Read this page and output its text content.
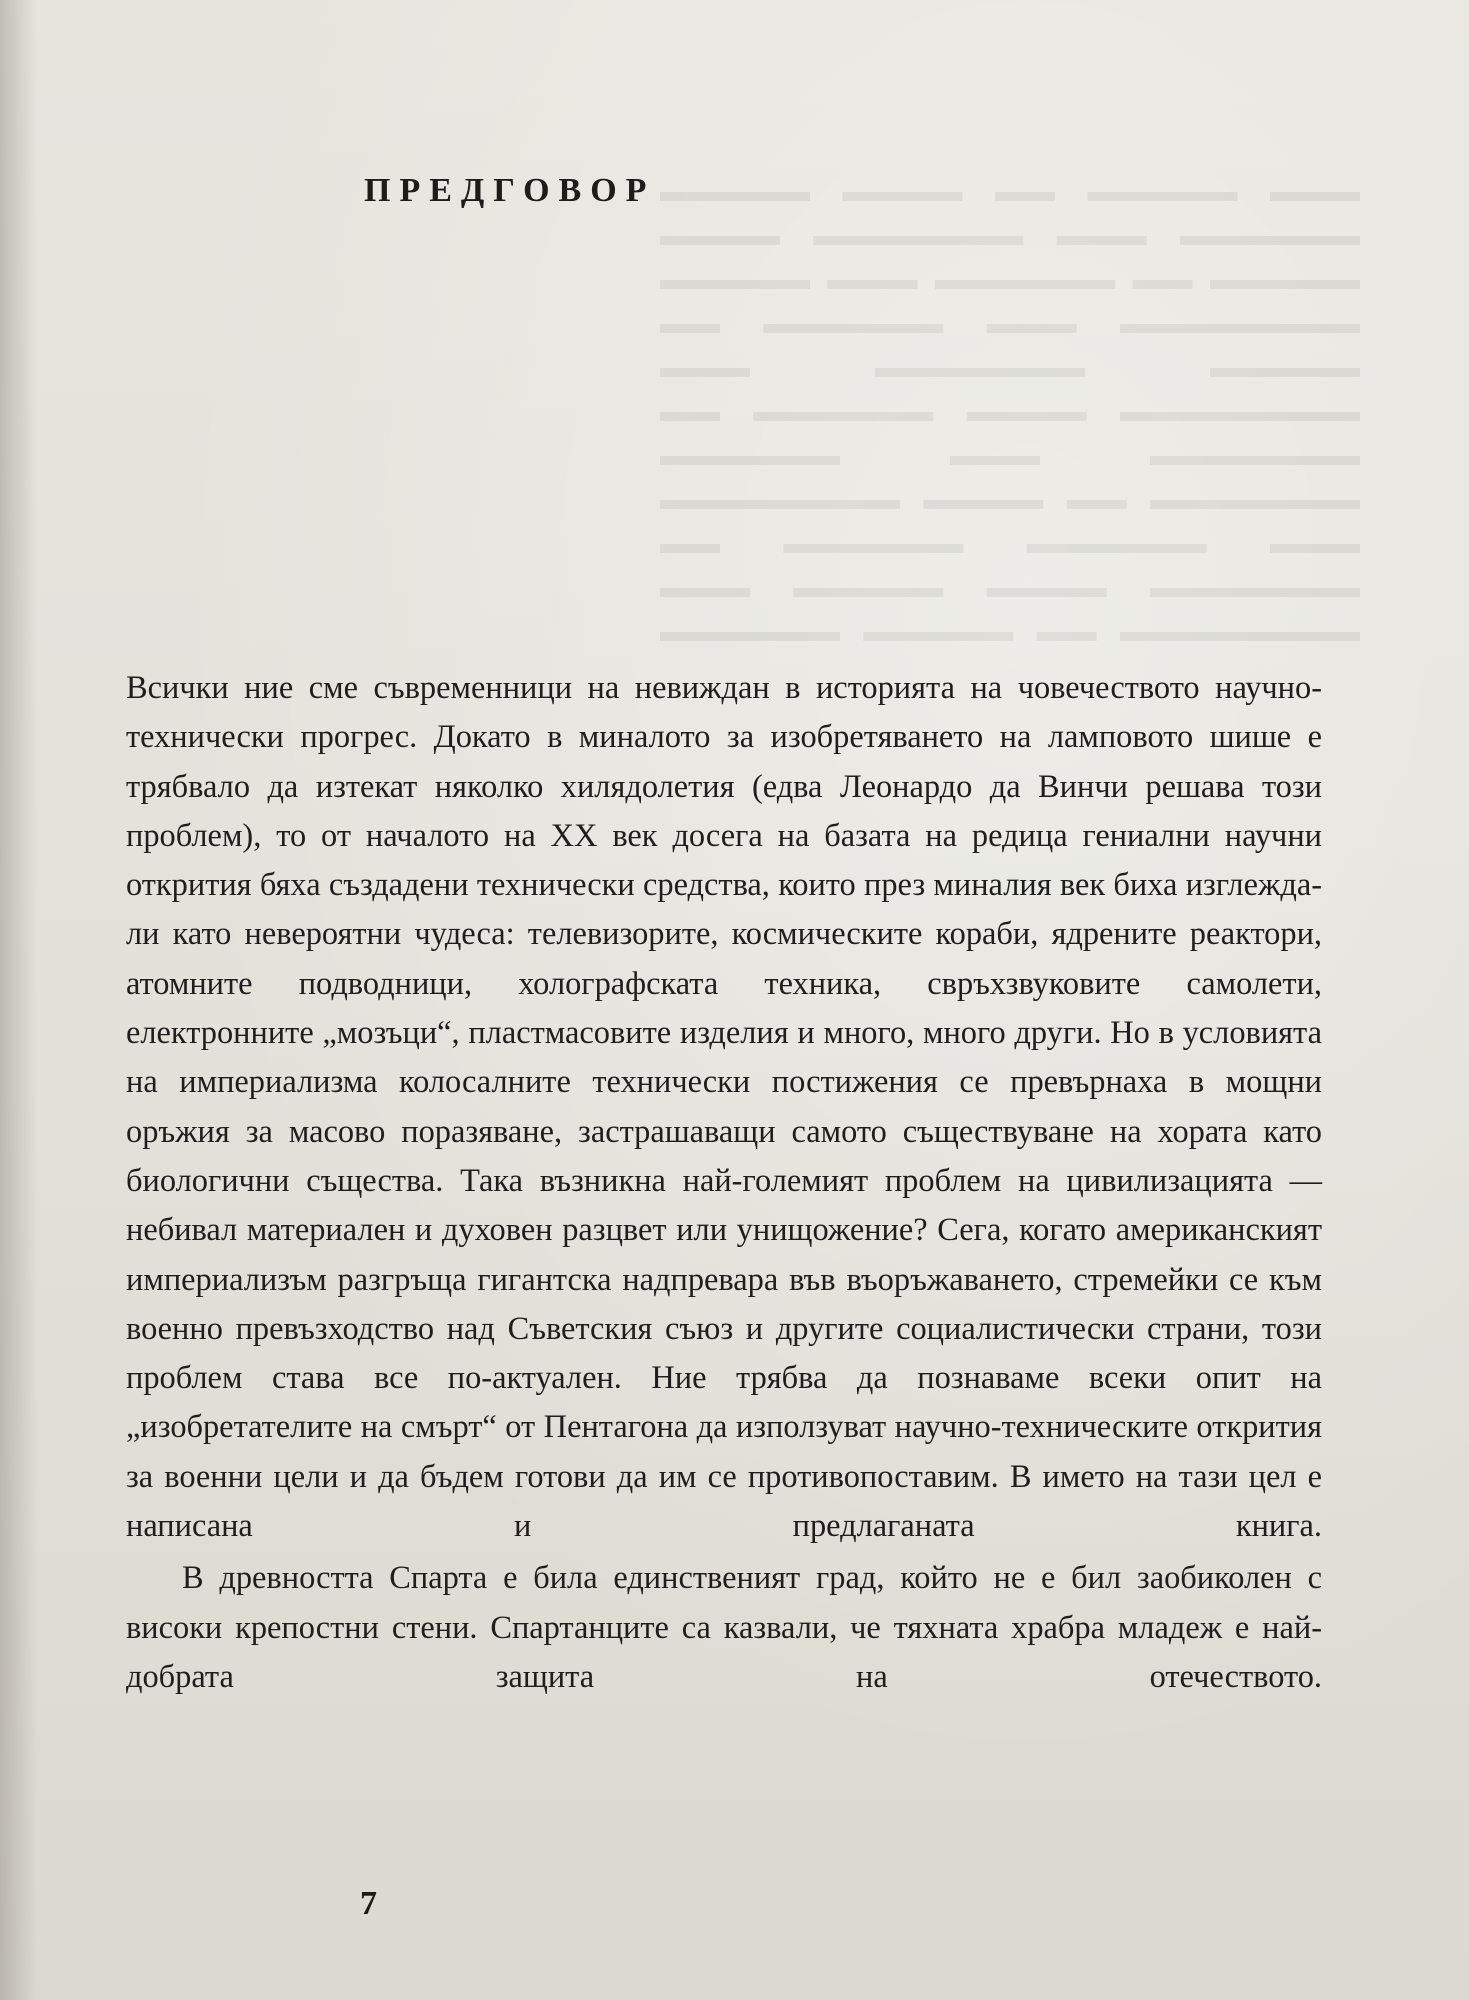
▬▬▬ ▬▬▬▬▬ ▬▬ ▬▬▬▬ ▬▬▬▬▬ ▬▬▬▬▬▬ ▬▬▬ ▬▬▬▬▬▬▬ ▬▬▬▬ ▬▬▬▬▬ ▬▬ ▬▬▬▬▬▬ ▬▬▬ ▬▬▬▬▬ ▬▬▬▬▬▬▬▬ ▬▬▬ ▬▬▬▬▬▬ ▬▬ ▬▬▬▬▬ ▬▬▬▬▬▬▬ ▬▬▬ ▬▬▬▬▬▬▬▬ ▬▬▬▬ ▬▬▬▬▬▬ ▬▬ ▬▬▬▬▬▬▬ ▬▬▬ ▬▬▬▬▬▬ ▬▬▬▬▬▬▬ ▬▬ ▬▬▬▬ ▬▬▬▬▬▬▬▬ ▬▬▬ ▬▬▬▬▬▬ ▬▬▬▬▬▬ ▬▬ ▬▬▬▬▬▬▬ ▬▬▬▬ ▬▬▬▬▬ ▬▬▬ ▬▬▬▬▬▬▬▬ ▬▬ ▬▬▬▬▬ ▬▬▬▬▬▬
ПРЕДГОВОР

Всички ние сме съвременници на невиждан в историята на човечеството научно-технически прогрес. Докато в миналото за изобретяването на ламповото шише е трябвало да изтекат няколко хилядолетия (едва Леонардо да Винчи решава този проблем), то от началото на XX век досега на базата на редица гениални научни открития бяха създадени технически средства, които през миналия век биха изглеждали като невероятни чудеса: телевизорите, космическите кораби, ядрените реактори, атомните подводници, холографската техника, свръхзвуковите самолети, електронните „мозъци“, пластмасовите изделия и много, много други. Но в условията на империализма колосалните технически постижения се превърнаха в мощни оръжия за масово поразяване, застрашаващи самото съществуване на хората като биологични същества. Така възникна най-големият проблем на цивилизацията — небивал материален и духовен разцвет или унищожение? Сега, когато американският империализъм разгръща гигантска надпревара във въоръжаването, стремейки се към военно превъзходство над Съветския съюз и другите социалистически страни, този проблем става все по-актуален. Ние трябва да познаваме всеки опит на „изобретателите на смърт“ от Пентагона да използуват научно-техническите открития за военни цели и да бъдем готови да им се противопоставим. В името на тази цел е написана и предлаганата книга.

В древността Спарта е била единственият град, който не е бил заобиколен с високи крепостни стени. Спартанците са казвали, че тяхната храбра младеж е най-добрата защита на отечеството.

7
